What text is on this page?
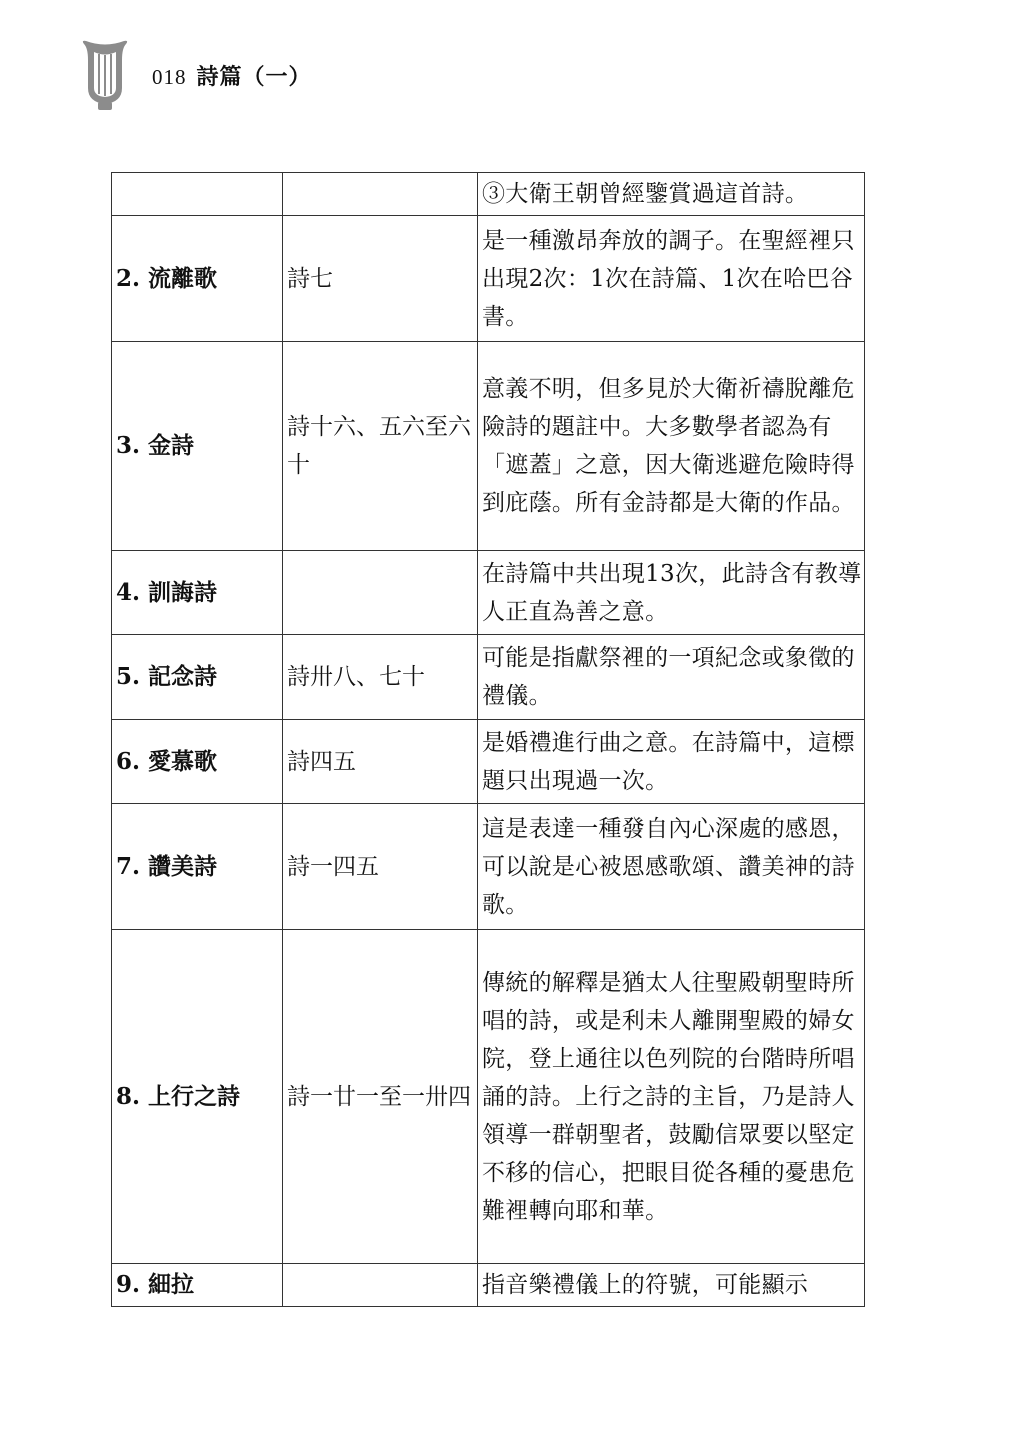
018 詩篇（一）
		③大衛王朝曾經鑒賞過這首詩。
2. 流離歌	詩七	是一種激昂奔放的調子。在聖經裡只出現2次：1次在詩篇、1次在哈巴谷書。
3. 金詩	詩十六、五六至六十	意義不明，但多見於大衛祈禱脫離危險詩的題註中。大多數學者認為有「遮蓋」之意，因大衛逃避危險時得到庇蔭。所有金詩都是大衛的作品。
4. 訓誨詩		在詩篇中共出現13次，此詩含有教導人正直為善之意。
5. 記念詩	詩卅八、七十	可能是指獻祭裡的一項紀念或象徵的禮儀。
6. 愛慕歌	詩四五	是婚禮進行曲之意。在詩篇中，這標題只出現過一次。
7. 讚美詩	詩一四五	這是表達一種發自內心深處的感恩，可以說是心被恩感歌頌、讚美神的詩歌。
8. 上行之詩	詩一廿一至一卅四	傳統的解釋是猶太人往聖殿朝聖時所唱的詩，或是利未人離開聖殿的婦女院，登上通往以色列院的台階時所唱誦的詩。上行之詩的主旨，乃是詩人領導一群朝聖者，鼓勵信眾要以堅定不移的信心，把眼目從各種的憂患危難裡轉向耶和華。
9. 細拉		指音樂禮儀上的符號，可能顯示
